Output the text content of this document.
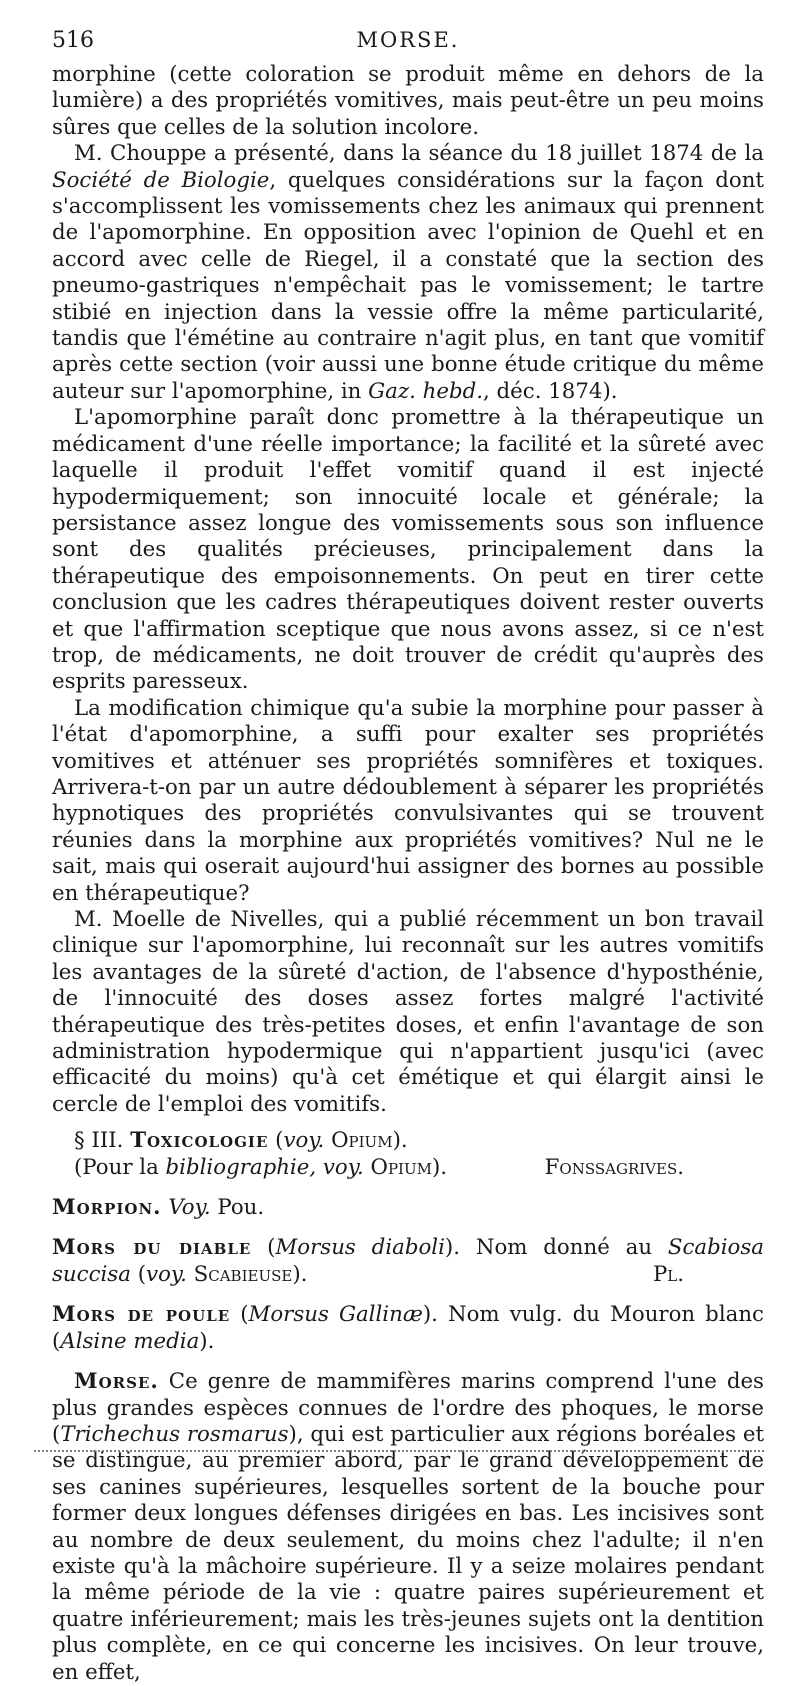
516	MORSE.

morphine (cette coloration se produit même en dehors de la lumière) a des propriétés vomitives, mais peut-être un peu moins sûres que celles de la solution incolore.

M. Chouppe a présenté, dans la séance du 18 juillet 1874 de la Société de Biologie, quelques considérations sur la façon dont s'accomplissent les vomissements chez les animaux qui prennent de l'apomorphine. En opposition avec l'opinion de Quehl et en accord avec celle de Riegel, il a constaté que la section des pneumo-gastriques n'empêchait pas le vomissement; le tartre stibié en injection dans la vessie offre la même particularité, tandis que l'émétine au contraire n'agit plus, en tant que vomitif après cette section (voir aussi une bonne étude critique du même auteur sur l'apomorphine, in Gaz. hebd., déc. 1874).

L'apomorphine paraît donc promettre à la thérapeutique un médicament d'une réelle importance; la facilité et la sûreté avec laquelle il produit l'effet vomitif quand il est injecté hypodermiquement; son innocuité locale et générale; la persistance assez longue des vomissements sous son influence sont des qualités précieuses, principalement dans la thérapeutique des empoisonnements. On peut en tirer cette conclusion que les cadres thérapeutiques doivent rester ouverts et que l'affirmation sceptique que nous avons assez, si ce n'est trop, de médicaments, ne doit trouver de crédit qu'auprès des esprits paresseux.

La modification chimique qu'a subie la morphine pour passer à l'état d'apomorphine, a suffi pour exalter ses propriétés vomitives et atténuer ses propriétés somnifères et toxiques. Arrivera-t-on par un autre dédoublement à séparer les propriétés hypnotiques des propriétés convulsivantes qui se trouvent réunies dans la morphine aux propriétés vomitives? Nul ne le sait, mais qui oserait aujourd'hui assigner des bornes au possible en thérapeutique?

M. Moelle de Nivelles, qui a publié récemment un bon travail clinique sur l'apomorphine, lui reconnaît sur les autres vomitifs les avantages de la sûreté d'action, de l'absence d'hyposthénie, de l'innocuité des doses assez fortes malgré l'activité thérapeutique des très-petites doses, et enfin l'avantage de son administration hypodermique qui n'appartient jusqu'ici (avec efficacité du moins) qu'à cet émétique et qui élargit ainsi le cercle de l'emploi des vomitifs.

§ III. Toxicologie (voy. Opium).

(Pour la bibliographie, voy. Opium).	Fonssagrives.

Morpion. Voy. Pou.

Mors du diable (Morsus diaboli). Nom donné au Scabiosa succisa (voy. Scabieuse).	Pl.

Mors de poule (Morsus Gallinæ). Nom vulg. du Mouron blanc (Alsine media).

Morse. Ce genre de mammifères marins comprend l'une des plus grandes espèces connues de l'ordre des phoques, le morse (Trichechus rosmarus), qui est particulier aux régions boréales et se distingue, au premier abord, par le grand développement de ses canines supérieures, lesquelles sortent de la bouche pour former deux longues défenses dirigées en bas. Les incisives sont au nombre de deux seulement, du moins chez l'adulte; il n'en existe qu'à la mâchoire supérieure. Il y a seize molaires pendant la même période de la vie : quatre paires supérieurement et quatre inférieurement; mais les très-jeunes sujets ont la dentition plus complète, en ce qui concerne les incisives. On leur trouve, en effet,
